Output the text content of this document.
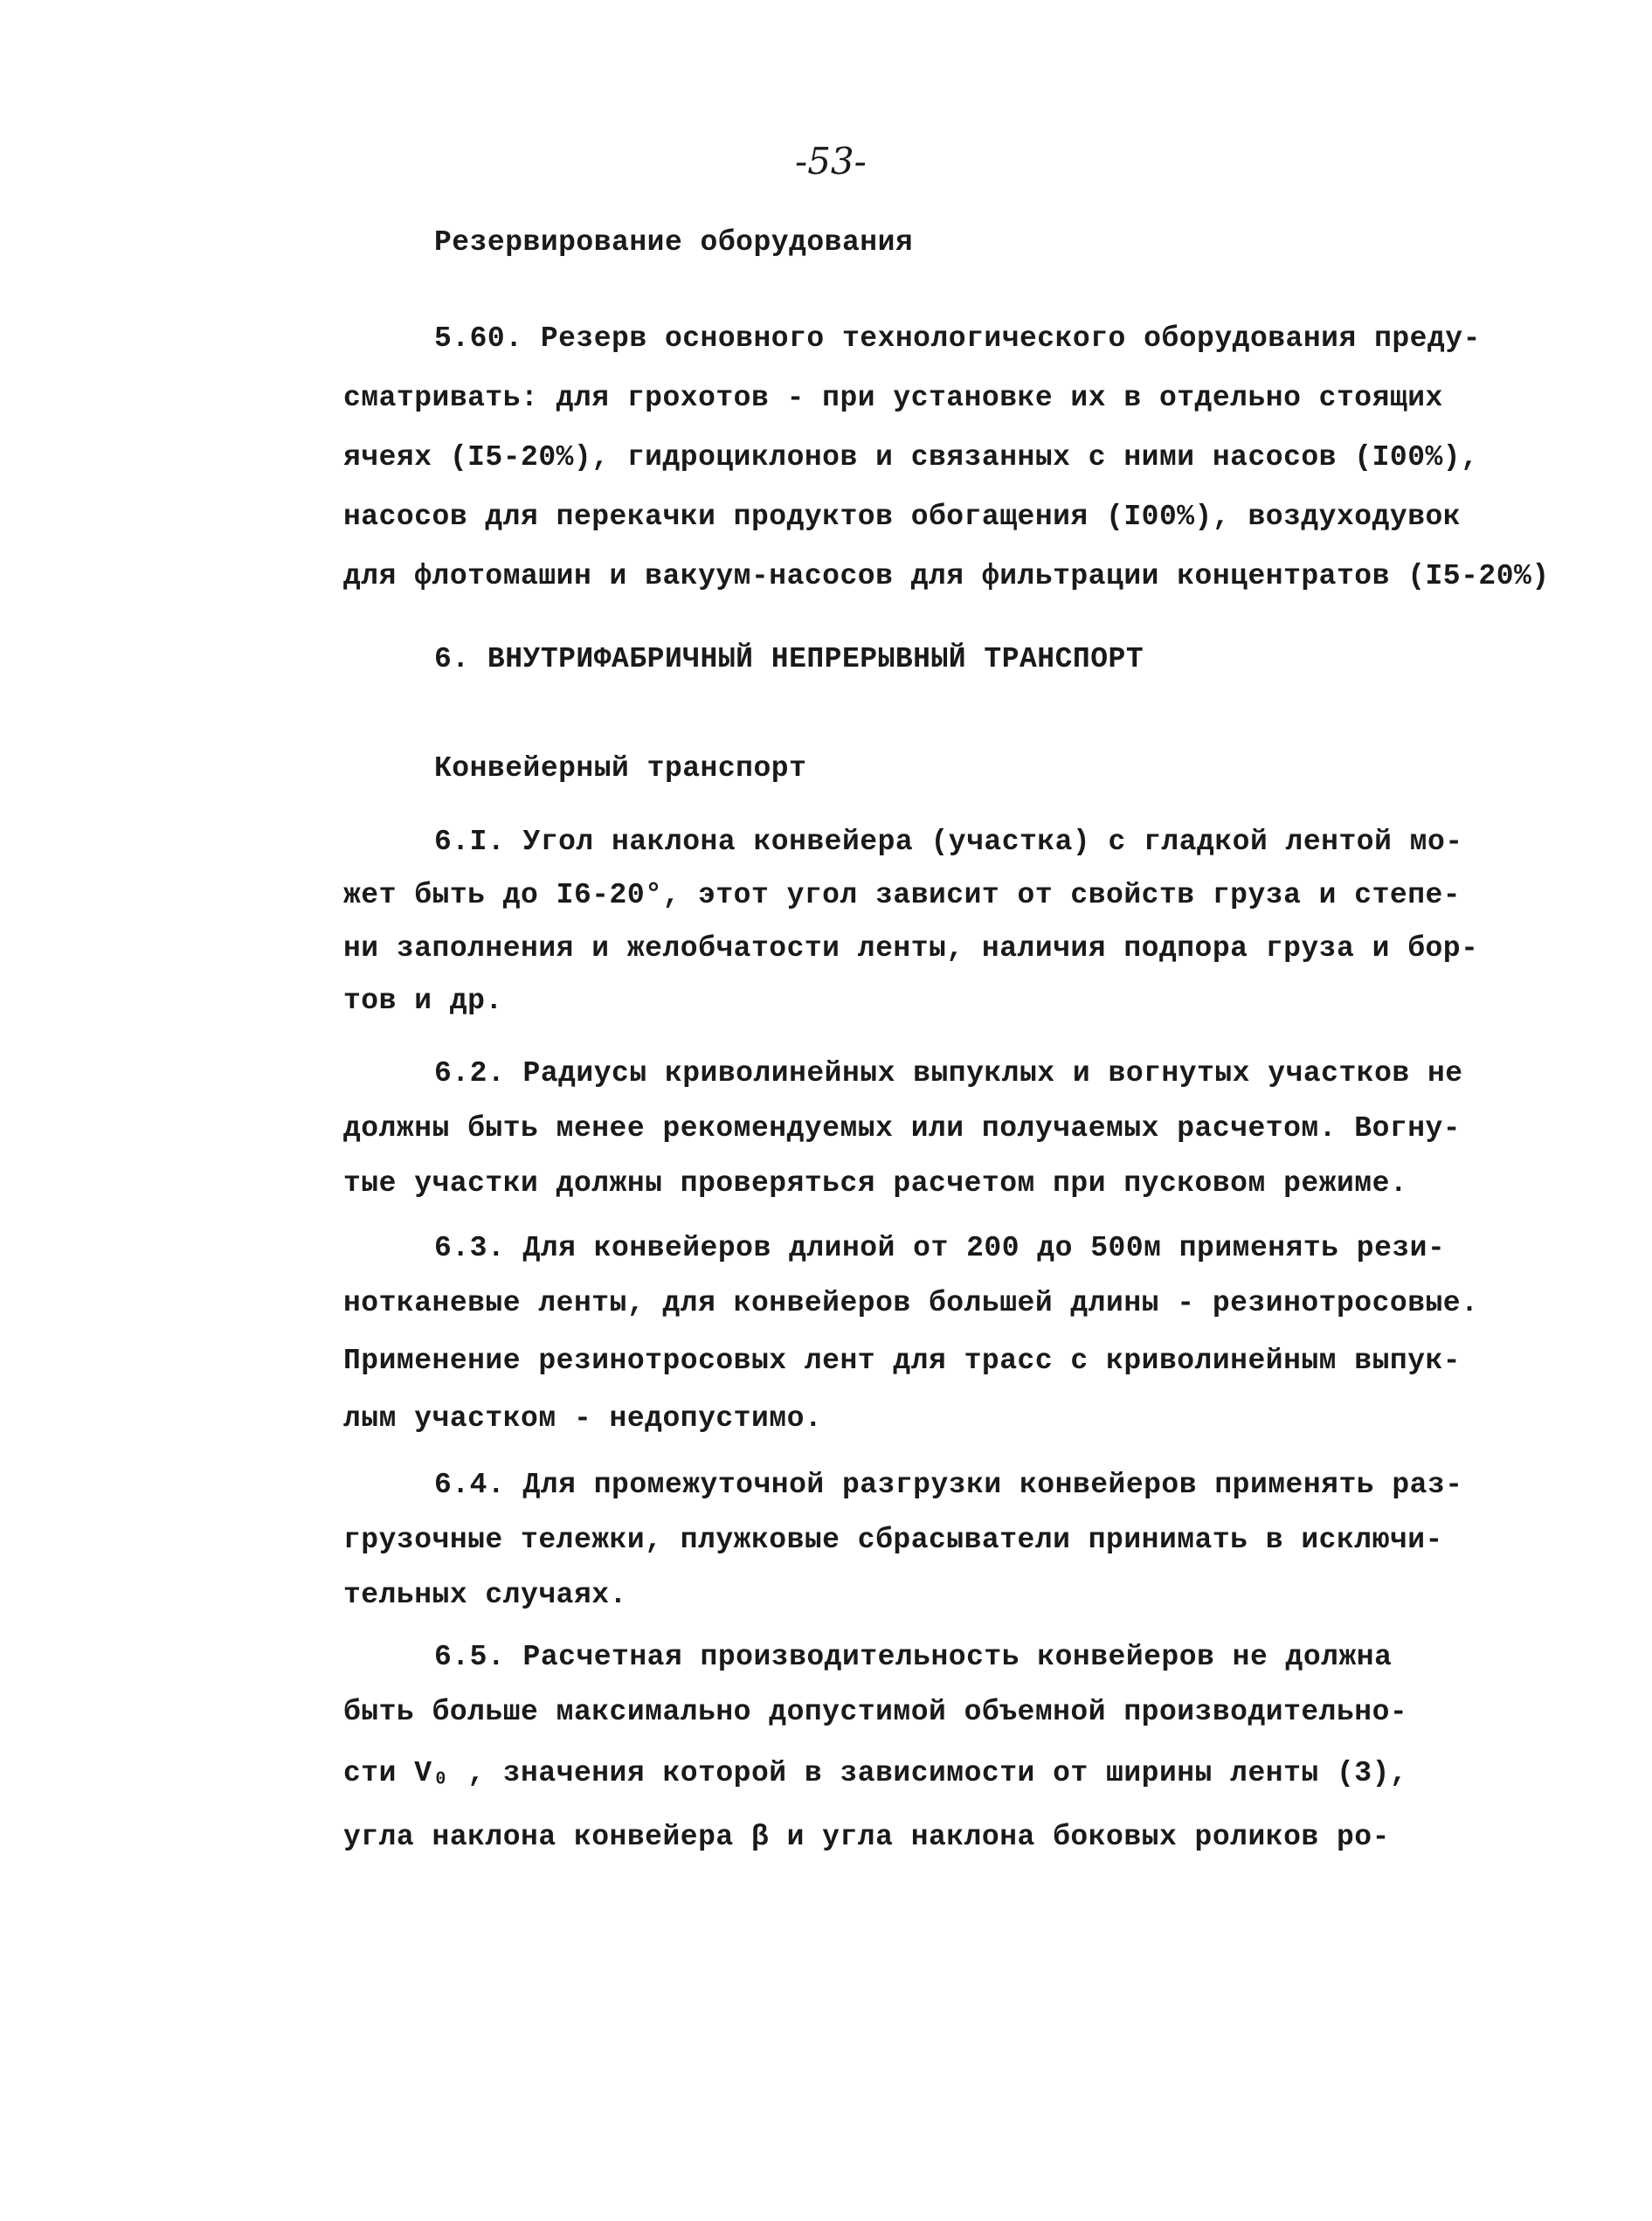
-53-
Резервирование оборудования
5.60. Резерв основного технологического оборудования преду-
сматривать: для грохотов - при установке их в отдельно стоящих
ячеях (I5-20%), гидроциклонов и связанных с ними насосов (I00%),
насосов для перекачки продуктов обогащения (I00%), воздуходувок
для флотомашин и вакуум-насосов для фильтрации концентратов (I5-20%)
6. ВНУТРИФАБРИЧНЫЙ НЕПРЕРЫВНЫЙ ТРАНСПОРТ
Конвейерный транспорт
6.I. Угол наклона конвейера (участка) с гладкой лентой мо-
жет быть до I6-20°, этот угол зависит от свойств груза и степе-
ни заполнения и желобчатости ленты, наличия подпора груза и бор-
тов и др.
6.2. Радиусы криволинейных выпуклых и вогнутых участков не
должны быть менее рекомендуемых или получаемых расчетом. Вогну-
тые участки должны проверяться расчетом при пусковом режиме.
6.3. Для конвейеров длиной от 200 до 500м применять рези-
нотканевые ленты, для конвейеров большей длины - резинотросовые.
Применение резинотросовых лент для трасс с криволинейным выпук-
лым участком - недопустимо.
6.4. Для промежуточной разгрузки конвейеров применять раз-
грузочные тележки, плужковые сбрасыватели принимать в исключи-
тельных случаях.
6.5. Расчетная производительность конвейеров не должна
быть больше максимально допустимой объемной производительно-
сти V₀ , значения которой в зависимости от ширины ленты (3),
угла наклона конвейера β и угла наклона боковых роликов ро-
